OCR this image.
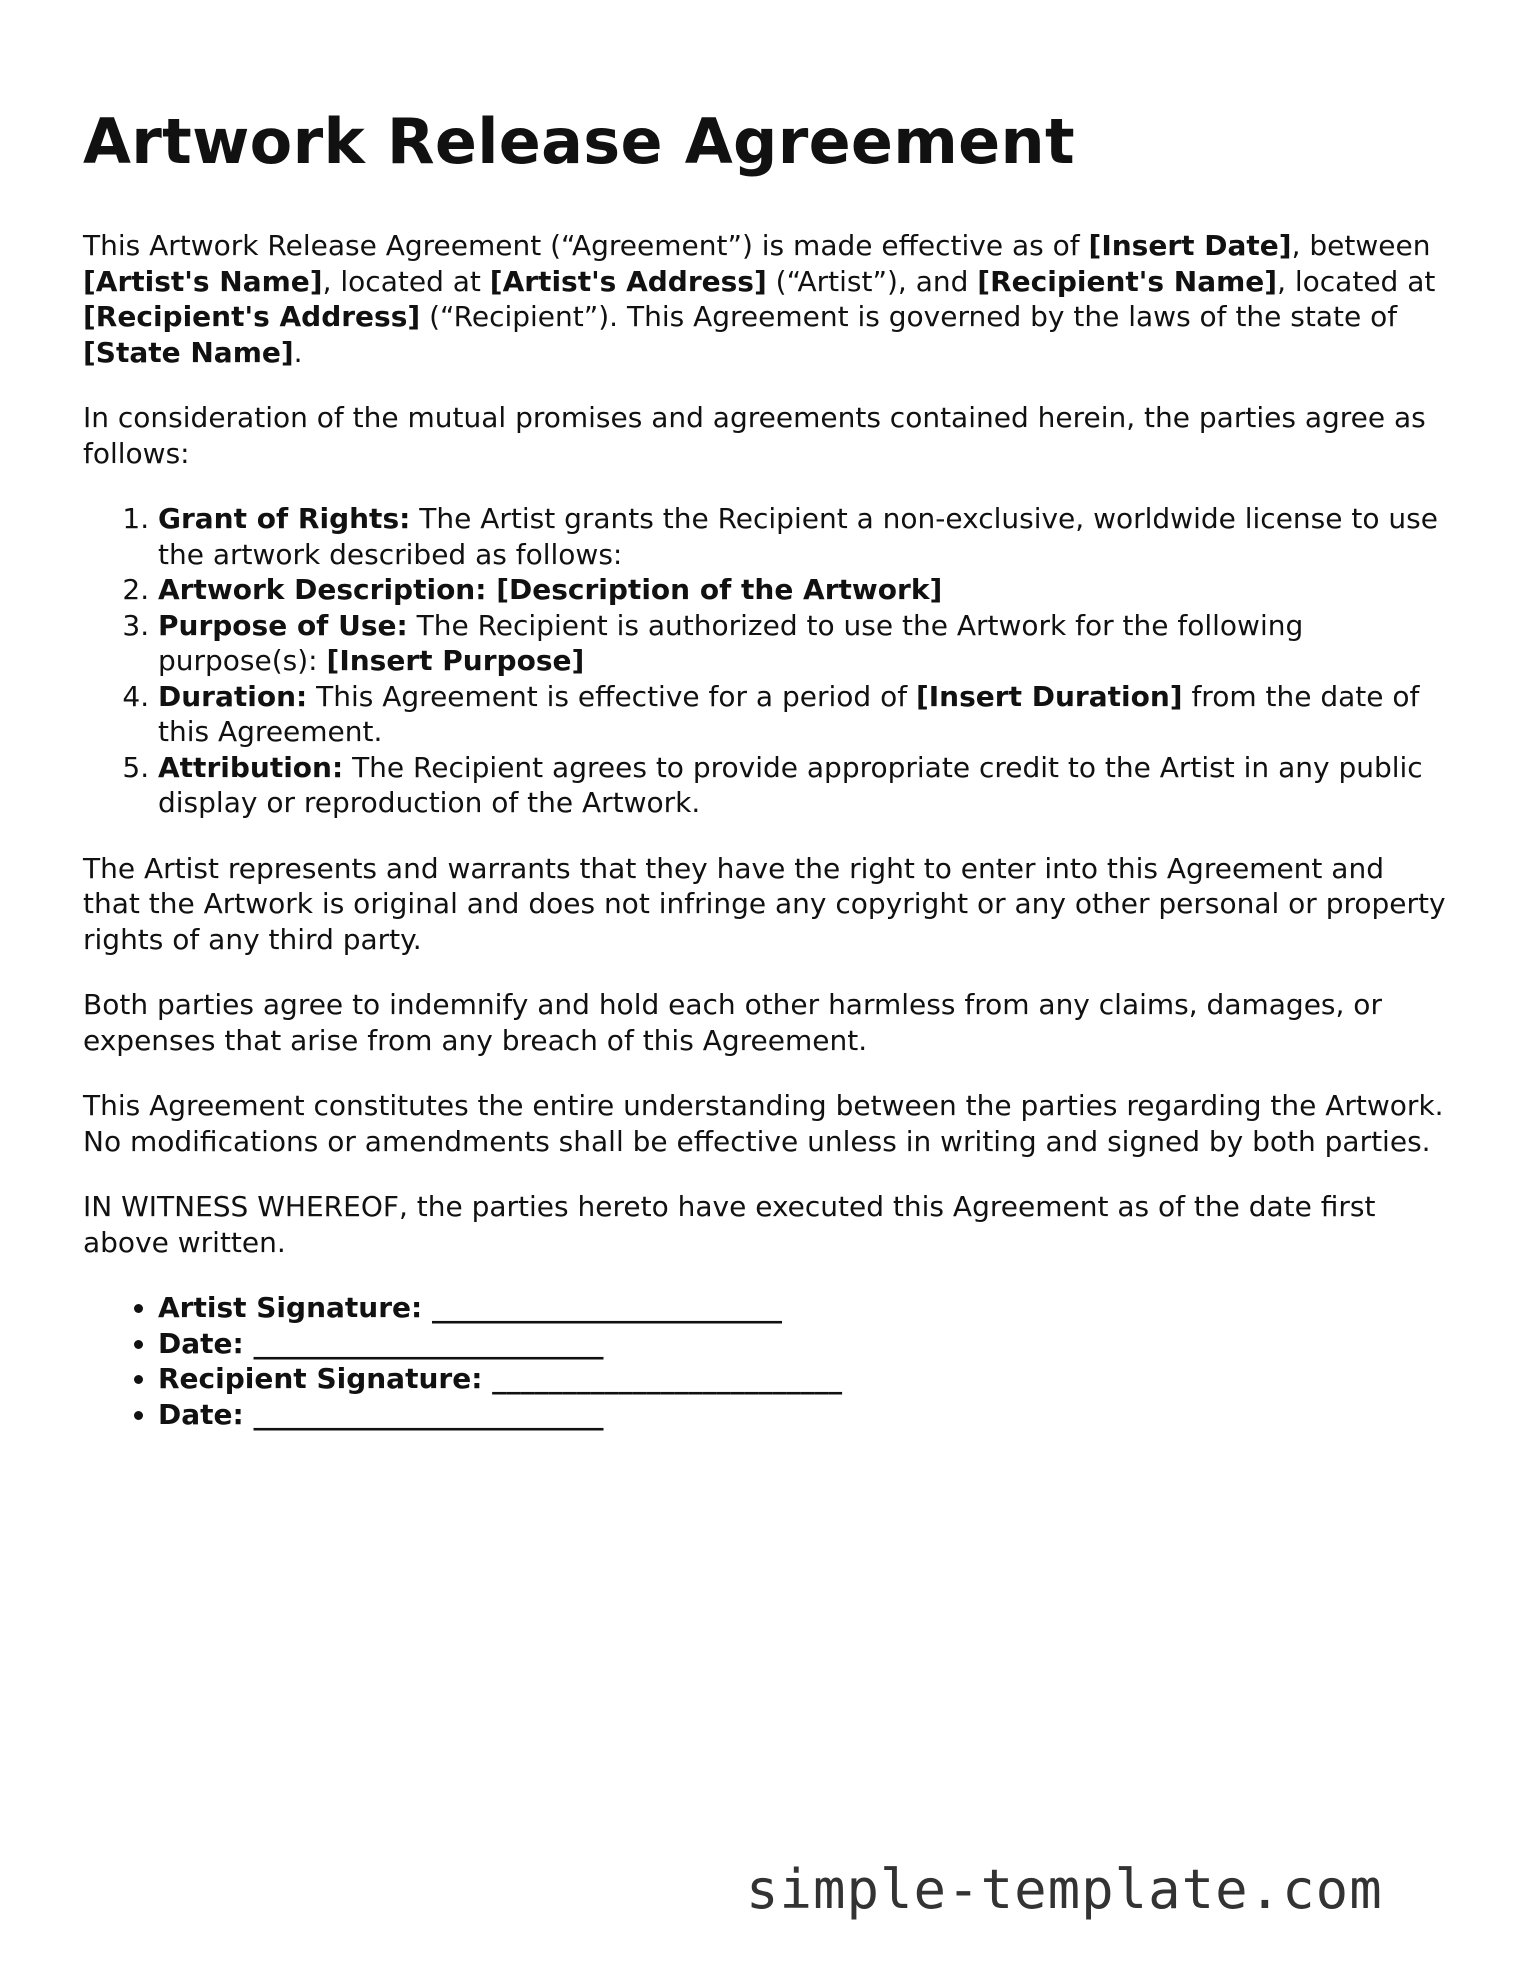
Artwork Release Agreement

This Artwork Release Agreement (“Agreement”) is made effective as of [Insert Date], between [Artist's Name], located at [Artist's Address] (“Artist”), and [Recipient's Name], located at [Recipient's Address] (“Recipient”). This Agreement is governed by the laws of the state of [State Name].

In consideration of the mutual promises and agreements contained herein, the parties agree as follows:

1. Grant of Rights: The Artist grants the Recipient a non-exclusive, worldwide license to use the artwork described as follows:
2. Artwork Description: [Description of the Artwork]
3. Purpose of Use: The Recipient is authorized to use the Artwork for the following purpose(s): [Insert Purpose]
4. Duration: This Agreement is effective for a period of [Insert Duration] from the date of this Agreement.
5. Attribution: The Recipient agrees to provide appropriate credit to the Artist in any public display or reproduction of the Artwork.

The Artist represents and warrants that they have the right to enter into this Agreement and that the Artwork is original and does not infringe any copyright or any other personal or property rights of any third party.

Both parties agree to indemnify and hold each other harmless from any claims, damages, or expenses that arise from any breach of this Agreement.

This Agreement constitutes the entire understanding between the parties regarding the Artwork. No modifications or amendments shall be effective unless in writing and signed by both parties.

IN WITNESS WHEREOF, the parties hereto have executed this Agreement as of the date first above written.

• Artist Signature: _________________________
• Date: _________________________
• Recipient Signature: _________________________
• Date: _________________________
simple-template.com
